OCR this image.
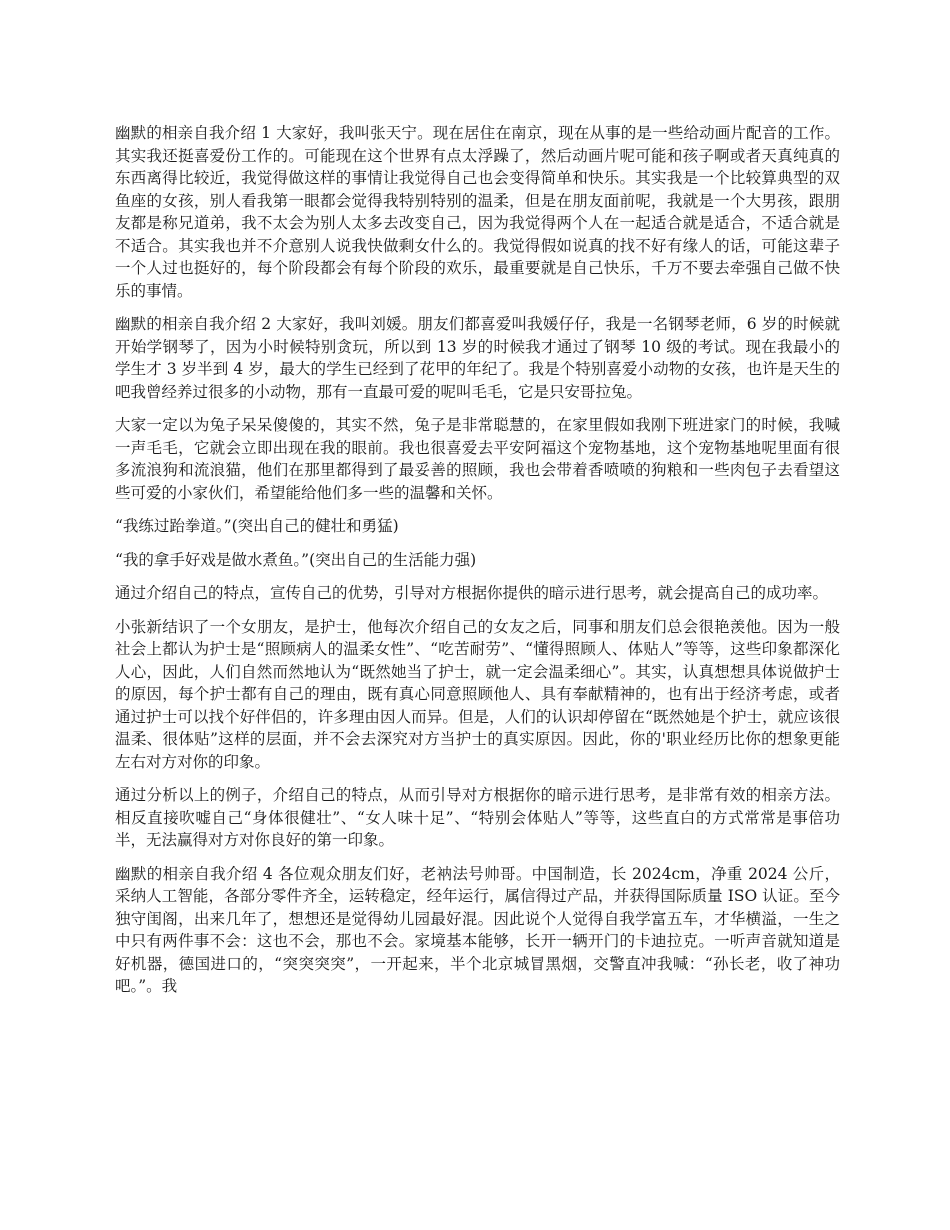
幽默的相亲自我介绍 1 大家好，我叫张天宁。现在居住在南京，现在从事的是一些给动画片配音的工作。其实我还挺喜爱份工作的。可能现在这个世界有点太浮躁了，然后动画片呢可能和孩子啊或者天真纯真的东西离得比较近，我觉得做这样的事情让我觉得自己也会变得简单和快乐。其实我是一个比较算典型的双鱼座的女孩，别人看我第一眼都会觉得我特别特别的温柔，但是在朋友面前呢，我就是一个大男孩，跟朋友都是称兄道弟，我不太会为别人太多去改变自己，因为我觉得两个人在一起适合就是适合，不适合就是不适合。其实我也并不介意别人说我快做剩女什么的。我觉得假如说真的找不好有缘人的话，可能这辈子一个人过也挺好的，每个阶段都会有每个阶段的欢乐，最重要就是自己快乐，千万不要去牵强自己做不快乐的事情。

幽默的相亲自我介绍 2 大家好，我叫刘媛。朋友们都喜爱叫我媛仔仔，我是一名钢琴老师，6 岁的时候就开始学钢琴了，因为小时候特别贪玩，所以到 13 岁的时候我才通过了钢琴 10 级的考试。现在我最小的学生才 3 岁半到 4 岁，最大的学生已经到了花甲的年纪了。我是个特别喜爱小动物的女孩，也许是天生的吧我曾经养过很多的小动物，那有一直最可爱的呢叫毛毛，它是只安哥拉兔。

大家一定以为兔子呆呆傻傻的，其实不然，兔子是非常聪慧的，在家里假如我刚下班进家门的时候，我喊一声毛毛，它就会立即出现在我的眼前。我也很喜爱去平安阿福这个宠物基地，这个宠物基地呢里面有很多流浪狗和流浪猫，他们在那里都得到了最妥善的照顾，我也会带着香喷喷的狗粮和一些肉包子去看望这些可爱的小家伙们，希望能给他们多一些的温馨和关怀。

“我练过跆拳道。”(突出自己的健壮和勇猛)

“我的拿手好戏是做水煮鱼。”(突出自己的生活能力强)

通过介绍自己的特点，宣传自己的优势，引导对方根据你提供的暗示进行思考，就会提高自己的成功率。

小张新结识了一个女朋友，是护士，他每次介绍自己的女友之后，同事和朋友们总会很艳羡他。因为一般社会上都认为护士是“照顾病人的温柔女性”、“吃苦耐劳”、“懂得照顾人、体贴人”等等，这些印象都深化人心，因此，人们自然而然地认为“既然她当了护士，就一定会温柔细心”。其实，认真想想具体说做护士的原因，每个护士都有自己的理由，既有真心同意照顾他人、具有奉献精神的，也有出于经济考虑，或者通过护士可以找个好伴侣的，许多理由因人而异。但是，人们的认识却停留在“既然她是个护士，就应该很温柔、很体贴”这样的层面，并不会去深究对方当护士的真实原因。因此，你的'职业经历比你的想象更能左右对方对你的印象。

通过分析以上的例子，介绍自己的特点，从而引导对方根据你的暗示进行思考，是非常有效的相亲方法。相反直接吹嘘自己“身体很健壮”、“女人味十足”、“特别会体贴人”等等，这些直白的方式常常是事倍功半，无法赢得对方对你良好的第一印象。

幽默的相亲自我介绍 4 各位观众朋友们好，老衲法号帅哥。中国制造，长 2024cm，净重 2024 公斤，采纳人工智能，各部分零件齐全，运转稳定，经年运行，属信得过产品，并获得国际质量 ISO 认证。至今独守闺阁，出来几年了，想想还是觉得幼儿园最好混。因此说个人觉得自我学富五车，才华横溢，一生之中只有两件事不会：这也不会，那也不会。家境基本能够，长开一辆开门的卡迪拉克。一听声音就知道是好机器，德国进口的，“突突突突”，一开起来，半个北京城冒黑烟，交警直冲我喊：“孙长老，收了神功吧。”。我
